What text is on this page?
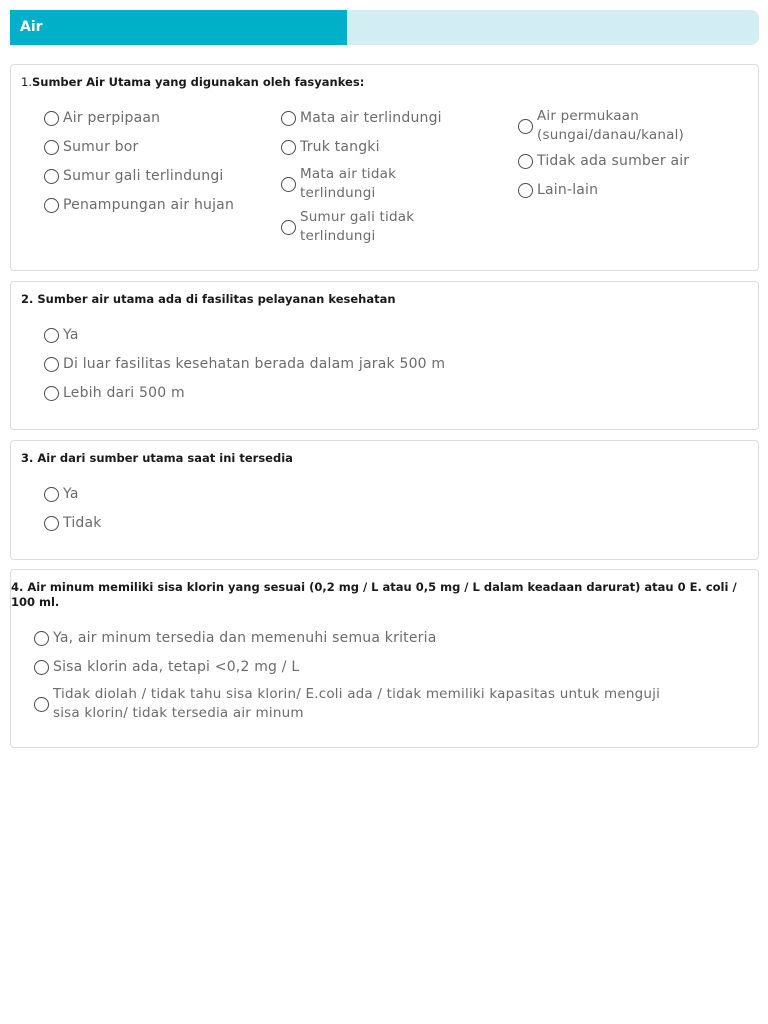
Air
1.Sumber Air Utama yang digunakan oleh fasyankes:
Air perpipaan
Sumur bor
Sumur gali terlindungi
Penampungan air hujan
Mata air terlindungi
Truk tangki
Mata air tidak
terlindungi
Sumur gali tidak
terlindungi
Air permukaan
(sungai/danau/kanal)
Tidak ada sumber air
Lain-lain
2. Sumber air utama ada di fasilitas pelayanan kesehatan
Ya
Di luar fasilitas kesehatan berada dalam jarak 500 m
Lebih dari 500 m
3. Air dari sumber utama saat ini tersedia
Ya
Tidak
4. Air minum memiliki sisa klorin yang sesuai (0,2 mg / L atau 0,5 mg / L dalam keadaan darurat) atau 0 E. coli / 100 ml.
Ya, air minum tersedia dan memenuhi semua kriteria
Sisa klorin ada, tetapi <0,2 mg / L
Tidak diolah / tidak tahu sisa klorin/ E.coli ada / tidak memiliki kapasitas untuk menguji
sisa klorin/ tidak tersedia air minum
